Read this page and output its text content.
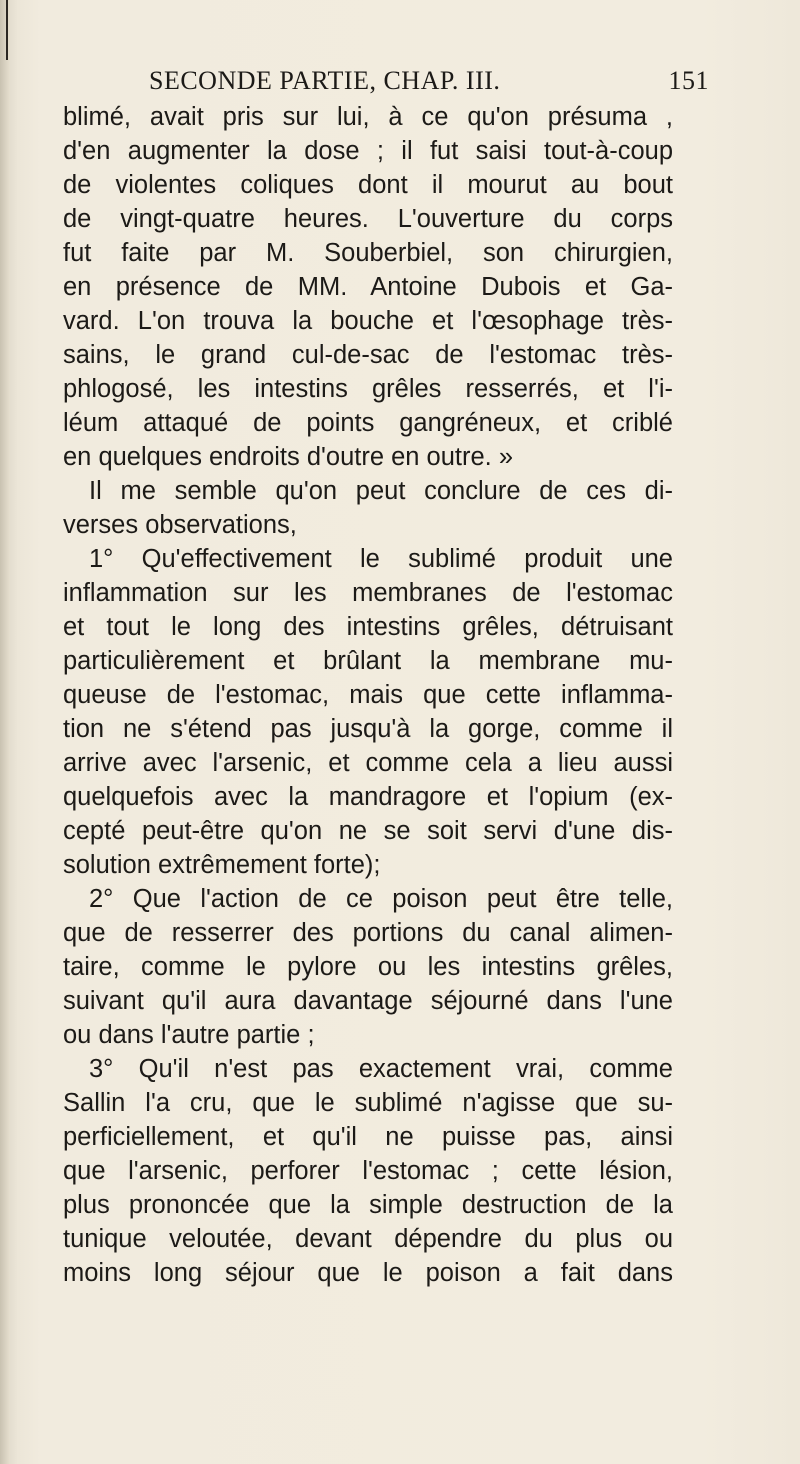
SECONDE PARTIE, CHAP. III.	151
blimé, avait pris sur lui, à ce qu'on présuma ,
d'en augmenter la dose ; il fut saisi tout-à-coup
de violentes coliques dont il mourut au bout
de vingt-quatre heures. L'ouverture du corps
fut faite par M. Souberbiel, son chirurgien,
en présence de MM. Antoine Dubois et Ga-
vard. L'on trouva la bouche et l'œsophage très-
sains, le grand cul-de-sac de l'estomac très-
phlogosé, les intestins grêles resserrés, et l'i-
léum attaqué de points gangréneux, et criblé
en quelques endroits d'outre en outre. »
Il me semble qu'on peut conclure de ces di-
verses observations,
1° Qu'effectivement le sublimé produit une
inflammation sur les membranes de l'estomac
et tout le long des intestins grêles, détruisant
particulièrement et brûlant la membrane mu-
queuse de l'estomac, mais que cette inflamma-
tion ne s'étend pas jusqu'à la gorge, comme il
arrive avec l'arsenic, et comme cela a lieu aussi
quelquefois avec la mandragore et l'opium (ex-
cepté peut-être qu'on ne se soit servi d'une dis-
solution extrêmement forte);
2° Que l'action de ce poison peut être telle,
que de resserrer des portions du canal alimen-
taire, comme le pylore ou les intestins grêles,
suivant qu'il aura davantage séjourné dans l'une
ou dans l'autre partie ;
3° Qu'il n'est pas exactement vrai, comme
Sallin l'a cru, que le sublimé n'agisse que su-
perficiellement, et qu'il ne puisse pas, ainsi
que l'arsenic, perforer l'estomac ; cette lésion,
plus prononcée que la simple destruction de la
tunique veloutée, devant dépendre du plus ou
moins long séjour que le poison a fait dans
